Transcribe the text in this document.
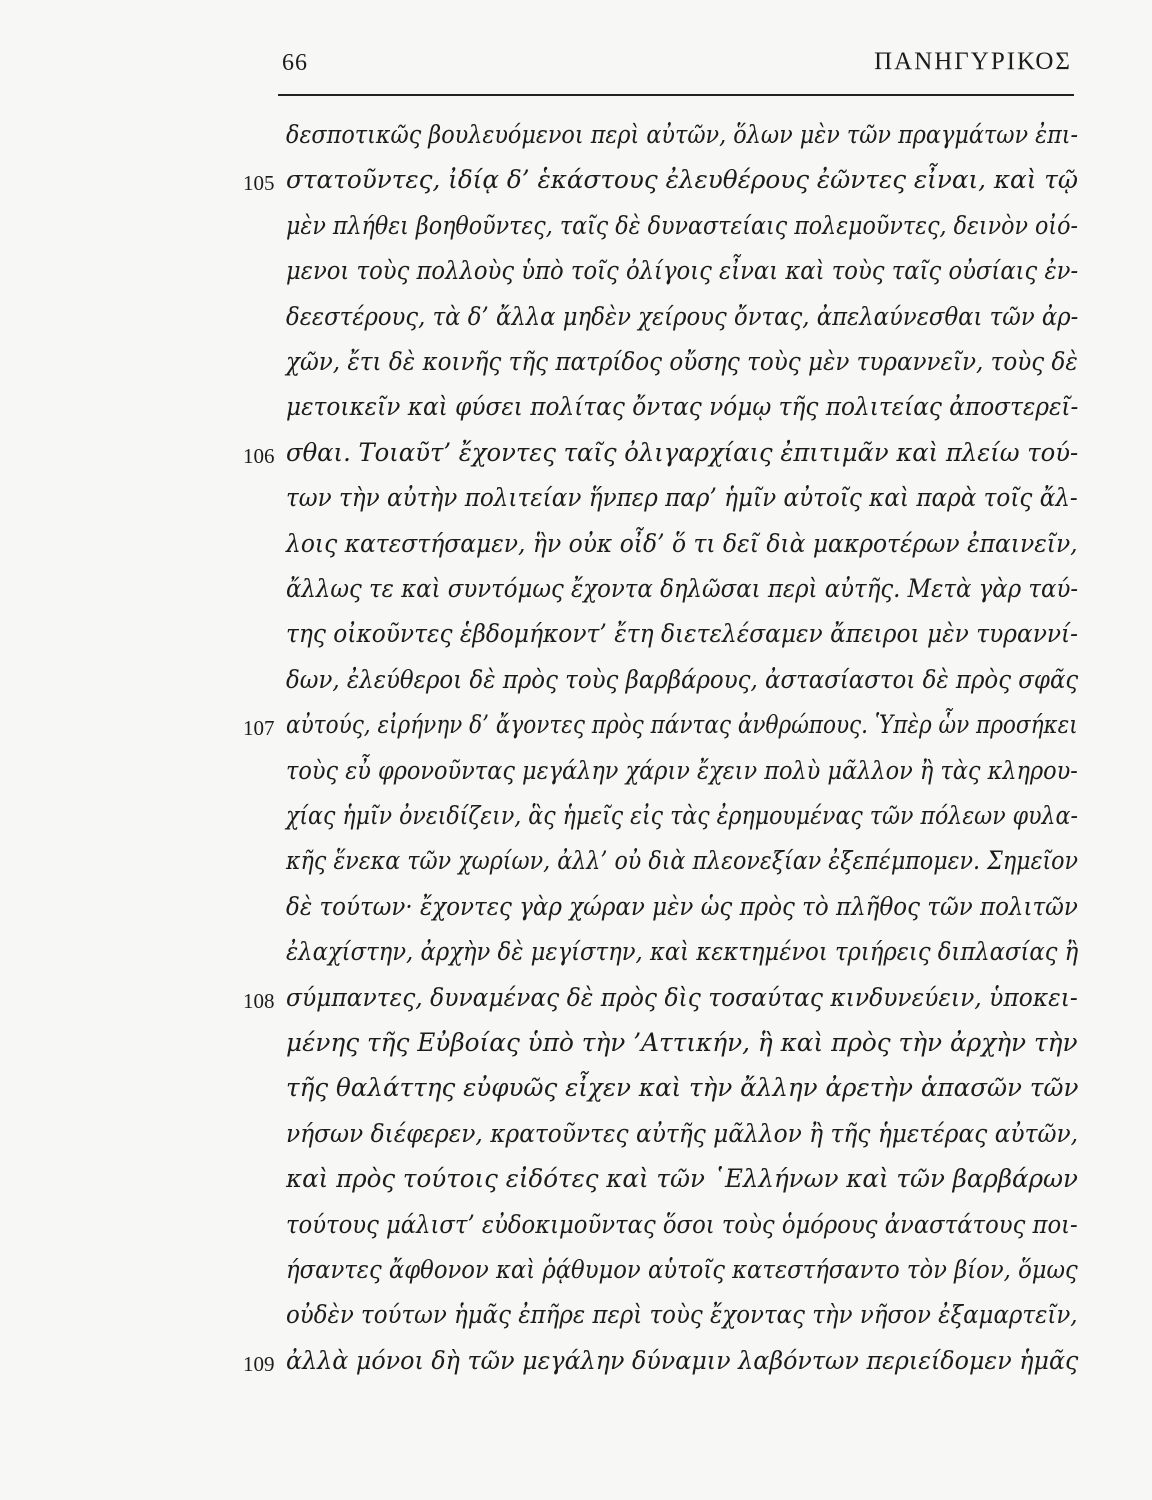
66	ΠΑΝΗΓΥΡΙΚΟΣ
δεσποτικῶς βουλευόμενοι περὶ αὐτῶν, ὅλων μὲν τῶν πραγμάτων ἐπι-
στατοῦντες, ἰδίᾳ δ’ ἑκάστους ἐλευθέρους ἐῶντες εἶναι, καὶ τῷ
105
μὲν πλήθει βοηθοῦντες, ταῖς δὲ δυναστείαις πολεμοῦντες, δεινὸν οἰό-
μενοι τοὺς πολλοὺς ὑπὸ τοῖς ὀλίγοις εἶναι καὶ τοὺς ταῖς οὐσίαις ἐν-
δεεστέρους, τὰ δ’ ἄλλα μηδὲν χείρους ὄντας, ἀπελαύνεσθαι τῶν ἀρ-
χῶν, ἔτι δὲ κοινῆς τῆς πατρίδος οὔσης τοὺς μὲν τυραννεῖν, τοὺς δὲ
μετοικεῖν καὶ φύσει πολίτας ὄντας νόμῳ τῆς πολιτείας ἀποστερεῖ-
σθαι. Τοιαῦτ’ ἔχοντες ταῖς ὀλιγαρχίαις ἐπιτιμᾶν καὶ πλείω τού-
106
των τὴν αὐτὴν πολιτείαν ἥνπερ παρ’ ἡμῖν αὐτοῖς καὶ παρὰ τοῖς ἄλ-
λοις κατεστήσαμεν, ἣν οὐκ οἶδ’ ὅ τι δεῖ διὰ μακροτέρων ἐπαινεῖν,
ἄλλως τε καὶ συντόμως ἔχοντα δηλῶσαι περὶ αὐτῆς. Μετὰ γὰρ ταύ-
της οἰκοῦντες ἑβδομήκοντ’ ἔτη διετελέσαμεν ἄπειροι μὲν τυραννί-
δων, ἐλεύθεροι δὲ πρὸς τοὺς βαρβάρους, ἀστασίαστοι δὲ πρὸς σφᾶς
αὐτούς, εἰρήνην δ’ ἄγοντες πρὸς πάντας ἀνθρώπους. Ὑπὲρ ὧν προσήκει
107
τοὺς εὖ φρονοῦντας μεγάλην χάριν ἔχειν πολὺ μᾶλλον ἢ τὰς κληρου-
χίας ἡμῖν ὀνειδίζειν, ἃς ἡμεῖς εἰς τὰς ἐρημουμένας τῶν πόλεων φυλα-
κῆς ἕνεκα τῶν χωρίων, ἀλλ’ οὐ διὰ πλεονεξίαν ἐξεπέμπομεν. Σημεῖον
δὲ τούτων· ἔχοντες γὰρ χώραν μὲν ὡς πρὸς τὸ πλῆθος τῶν πολιτῶν
ἐλαχίστην, ἀρχὴν δὲ μεγίστην, καὶ κεκτημένοι τριήρεις διπλασίας ἢ
σύμπαντες, δυναμένας δὲ πρὸς δὶς τοσαύτας κινδυνεύειν, ὑποκει-
108
μένης τῆς Εὐβοίας ὑπὸ τὴν ’Αττικήν, ἣ καὶ πρὸς τὴν ἀρχὴν τὴν
τῆς θαλάττης εὐφυῶς εἶχεν καὶ τὴν ἄλλην ἀρετὴν ἁπασῶν τῶν
νήσων διέφερεν, κρατοῦντες αὐτῆς μᾶλλον ἢ τῆς ἡμετέρας αὐτῶν,
καὶ πρὸς τούτοις εἰδότες καὶ τῶν ῾Ελλήνων καὶ τῶν βαρβάρων
τούτους μάλιστ’ εὐδοκιμοῦντας ὅσοι τοὺς ὁμόρους ἀναστάτους ποι-
ήσαντες ἄφθονον καὶ ῥᾴθυμον αὑτοῖς κατεστήσαντο τὸν βίον, ὅμως
οὐδὲν τούτων ἡμᾶς ἐπῆρε περὶ τοὺς ἔχοντας τὴν νῆσον ἐξαμαρτεῖν,
ἀλλὰ μόνοι δὴ τῶν μεγάλην δύναμιν λαβόντων περιείδομεν ἡμᾶς
109
